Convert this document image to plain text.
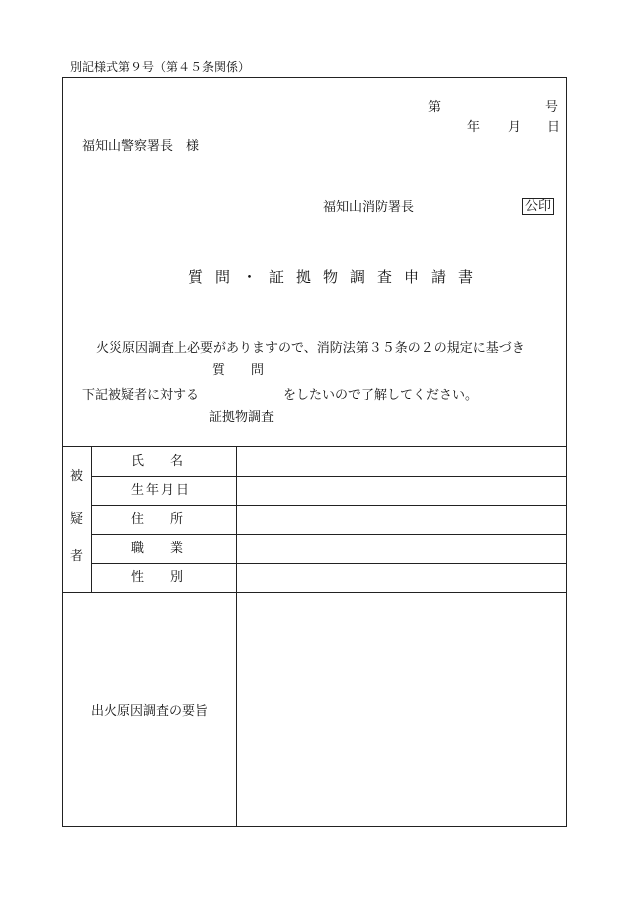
別記様式第９号（第４５条関係）
第	号
年 月 日
福知山警察署長　様
福知山消防署長	公印
質問・証拠物調査申請書
火災原因調査上必要がありますので、消防法第３５条の２の規定に基づき
質　　問
下記被疑者に対する	をしたいので了解してください。
証拠物調査
被
疑
者
氏　　名
生年月日
住　　所
職　　業
性　　別
出火原因調査の要旨
